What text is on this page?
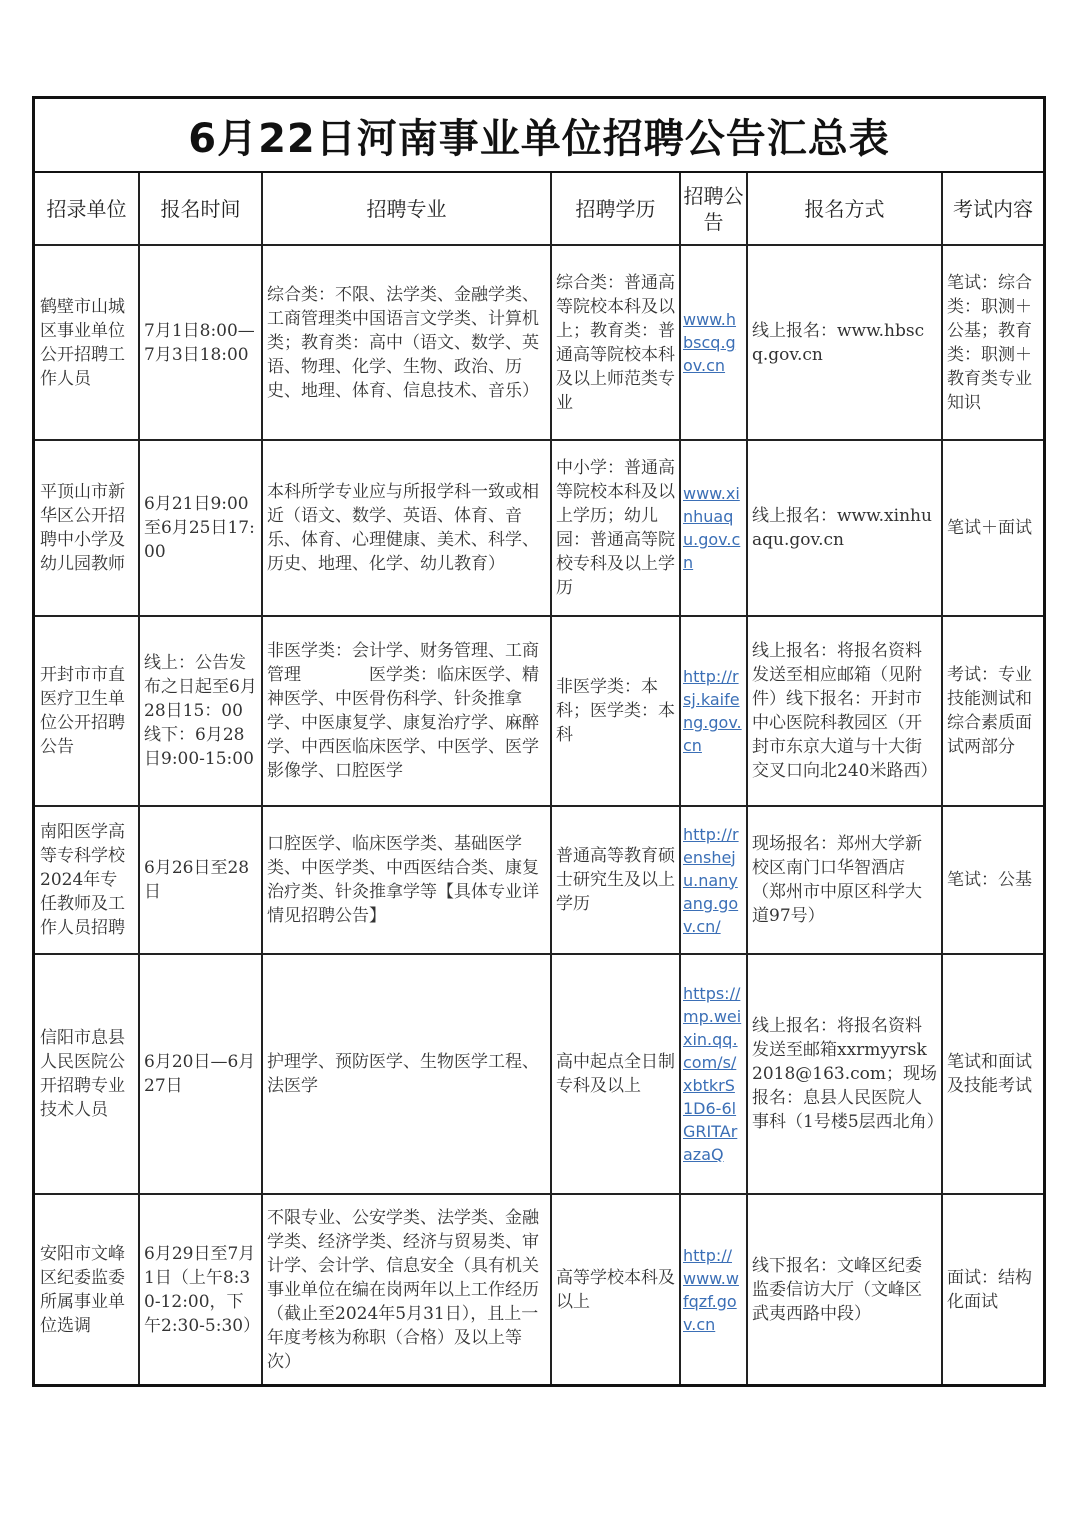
6月22日河南事业单位招聘公告汇总表
招录单位	报名时间	招聘专业	招聘学历	招聘公告	报名方式	考试内容
鹤壁市山城区事业单位公开招聘工作人员	7月1日8:00—7月3日18:00	综合类：不限、法学类、金融学类、工商管理类中国语言文学类、计算机类；教育类：高中（语文、数学、英语、物理、化学、生物、政治、历史、地理、体育、信息技术、音乐）	综合类：普通高等院校本科及以上；教育类：普通高等院校本科及以上师范类专业	www.hbscq.gov.cn	线上报名：www.hbscq.gov.cn	笔试：综合类：职测＋公基；教育类：职测＋教育类专业知识
平顶山市新华区公开招聘中小学及幼儿园教师	6月21日9:00至6月25日17:00	本科所学专业应与所报学科一致或相近（语文、数学、英语、体育、音乐、体育、心理健康、美术、科学、历史、地理、化学、幼儿教育）	中小学：普通高等院校本科及以上学历；幼儿园：普通高等院校专科及以上学历	www.xinhuaqu.gov.cn	线上报名：www.xinhuaqu.gov.cn	笔试＋面试
开封市市直医疗卫生单位公开招聘公告	线上：公告发布之日起至6月28日15：00　线下：6月28日9:00-15:00	非医学类：会计学、财务管理、工商管理　　　　医学类：临床医学、精神医学、中医骨伤科学、针灸推拿学、中医康复学、康复治疗学、麻醉学、中西医临床医学、中医学、医学影像学、口腔医学	非医学类：本科；医学类：本科	http://rsj.kaifeng.gov.cn	线上报名：将报名资料发送至相应邮箱（见附件）线下报名：开封市中心医院科教园区（开封市东京大道与十大街交叉口向北240米路西）	考试：专业技能测试和综合素质面试两部分
南阳医学高等专科学校2024年专任教师及工作人员招聘	6月26日至28日	口腔医学、临床医学类、基础医学类、中医学类、中西医结合类、康复治疗类、针灸推拿学等【具体专业详情见招聘公告】	普通高等教育硕士研究生及以上学历	http://rensheju.nanyang.gov.cn/	现场报名：郑州大学新校区南门口华智酒店（郑州市中原区科学大道97号）	笔试：公基
信阳市息县人民医院公开招聘专业技术人员	6月20日—6月27日	护理学、预防医学、生物医学工程、法医学	高中起点全日制专科及以上	https://mp.weixin.qq.com/s/xbtkrS1D6-6lGRITArazaQ	线上报名：将报名资料发送至邮箱xxrmyyrsk2018@163.com；现场报名：息县人民医院人事科（1号楼5层西北角）	笔试和面试及技能考试
安阳市文峰区纪委监委所属事业单位选调	6月29日至7月1日（上午8:30-12:00，下午2:30-5:30）	不限专业、公安学类、法学类、金融学类、经济学类、经济与贸易类、审计学、会计学、信息安全（具有机关事业单位在编在岗两年以上工作经历（截止至2024年5月31日），且上一年度考核为称职（合格）及以上等次）	高等学校本科及以上	http://www.wfqzf.gov.cn	线下报名：文峰区纪委监委信访大厅（文峰区武夷西路中段）	面试：结构化面试
